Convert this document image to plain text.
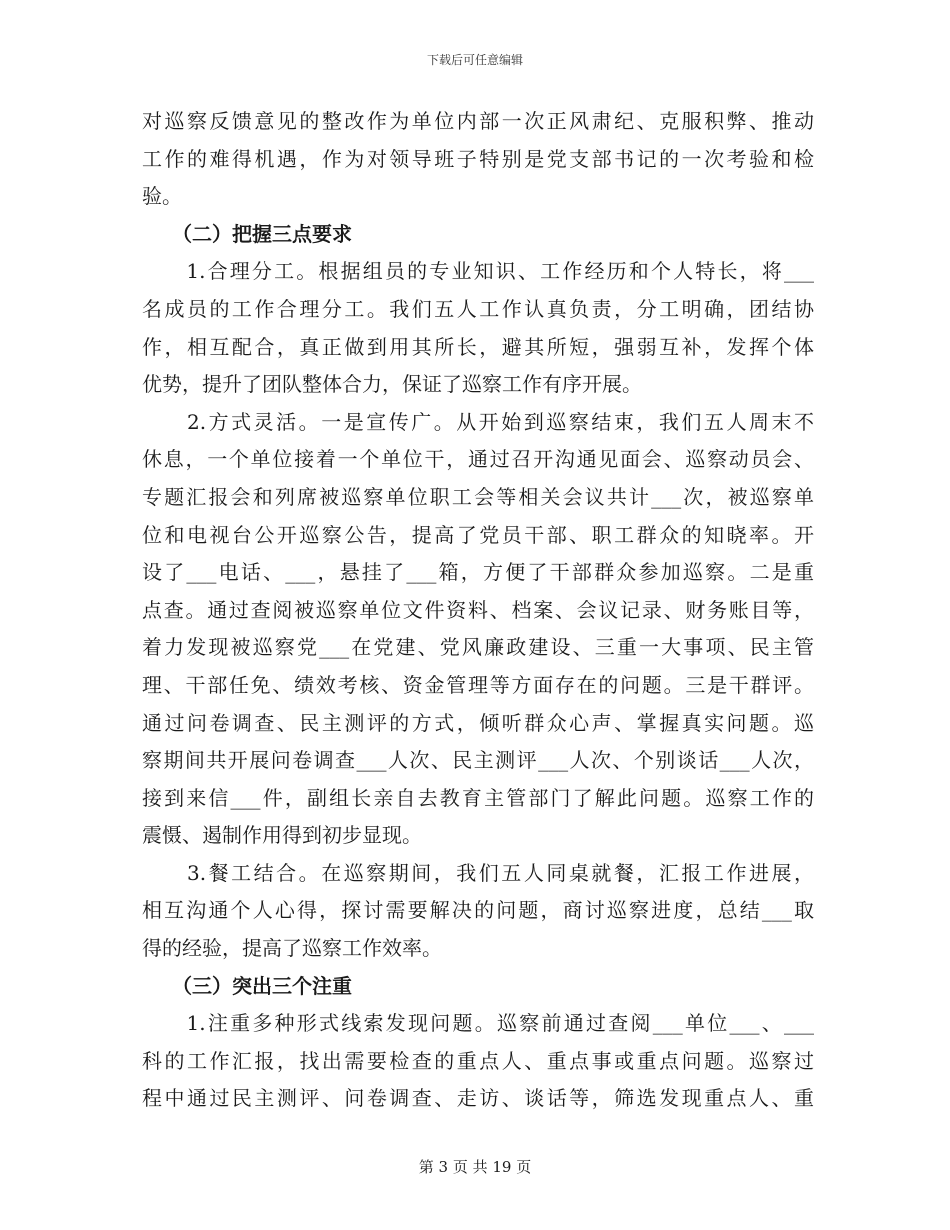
下载后可任意编辑
对巡察反馈意见的整改作为单位内部一次正风肃纪、克服积弊、推动
工作的难得机遇，作为对领导班子特别是党支部书记的一次考验和检
验。
　　（二）把握三点要求
　　1.合理分工。根据组员的专业知识、工作经历和个人特长，将___
名成员的工作合理分工。我们五人工作认真负责，分工明确，团结协
作，相互配合，真正做到用其所长，避其所短，强弱互补，发挥个体
优势，提升了团队整体合力，保证了巡察工作有序开展。
　　2.方式灵活。一是宣传广。从开始到巡察结束，我们五人周末不
休息，一个单位接着一个单位干，通过召开沟通见面会、巡察动员会、
专题汇报会和列席被巡察单位职工会等相关会议共计___次，被巡察单
位和电视台公开巡察公告，提高了党员干部、职工群众的知晓率。开
设了___电话、___，悬挂了___箱，方便了干部群众参加巡察。二是重
点查。通过查阅被巡察单位文件资料、档案、会议记录、财务账目等，
着力发现被巡察党___在党建、党风廉政建设、三重一大事项、民主管
理、干部任免、绩效考核、资金管理等方面存在的问题。三是干群评。
通过问卷调查、民主测评的方式，倾听群众心声、掌握真实问题。巡
察期间共开展问卷调查___人次、民主测评___人次、个别谈话___人次，
接到来信___件，副组长亲自去教育主管部门了解此问题。巡察工作的
震慑、遏制作用得到初步显现。
　　3.餐工结合。在巡察期间，我们五人同桌就餐，汇报工作进展，
相互沟通个人心得，探讨需要解决的问题，商讨巡察进度，总结___取
得的经验，提高了巡察工作效率。
　　（三）突出三个注重
　　1.注重多种形式线索发现问题。巡察前通过查阅___单位___、___
科的工作汇报，找出需要检查的重点人、重点事或重点问题。巡察过
程中通过民主测评、问卷调查、走访、谈话等，筛选发现重点人、重
第 3 页 共 19 页
